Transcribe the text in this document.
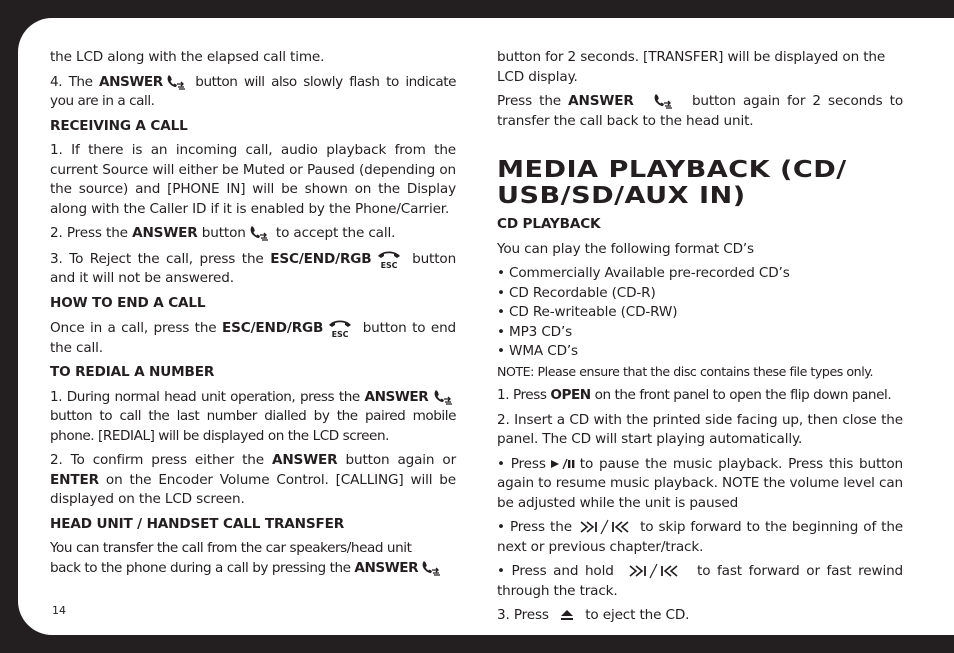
the LCD along with the elapsed call time.

4. The ANSWER button will also slowly flash to indicate you are in a call.

RECEIVING A CALL

1. If there is an incoming call, audio playback from the current Source will either be Muted or Paused (depending on the source) and [PHONE IN] will be shown on the Display along with the Caller ID if it is enabled by the Phone/Carrier.

2. Press the ANSWER button to accept the call.

3. To Reject the call, press the ESC/END/RGB ESC button and it will not be answered.

HOW TO END A CALL

Once in a call, press the ESC/END/RGB ESC button to end the call.

TO REDIAL A NUMBER

1. During normal head unit operation, press the ANSWER
button to call the last number dialled by the paired mobile phone. [REDIAL] will be displayed on the LCD screen.

2. To confirm press either the ANSWER button again or ENTER on the Encoder Volume Control. [CALLING] will be displayed on the LCD screen.

HEAD UNIT / HANDSET CALL TRANSFER

You can transfer the call from the car speakers/head unit

back to the phone during a call by pressing the ANSWER

button for 2 seconds. [TRANSFER] will be displayed on the LCD display.

Press the ANSWER	button again for 2 seconds to transfer the call back to the head unit.

MEDIA PLAYBACK (CD/ USB/SD/AUX IN)
CD PLAYBACK

You can play the following format CD’s

• Commercially Available pre-recorded CD’s
• CD Recordable (CD-R)
• CD Re-writeable (CD-RW)
• MP3 CD’s
• WMA CD’s

NOTE: Please ensure that the disc contains these file types only.

1. Press OPEN on the front panel to open the flip down panel.

2. Insert a CD with the printed side facing up, then close the panel. The CD will start playing automatically.

• Press	to pause the music playback. Press this button again to resume music playback. NOTE the volume level can be adjusted while the unit is paused

• Press the	to skip forward to the beginning of the next or previous chapter/track.

• Press and hold	to fast forward or fast rewind through the track.

3. Press	to eject the CD.

14
